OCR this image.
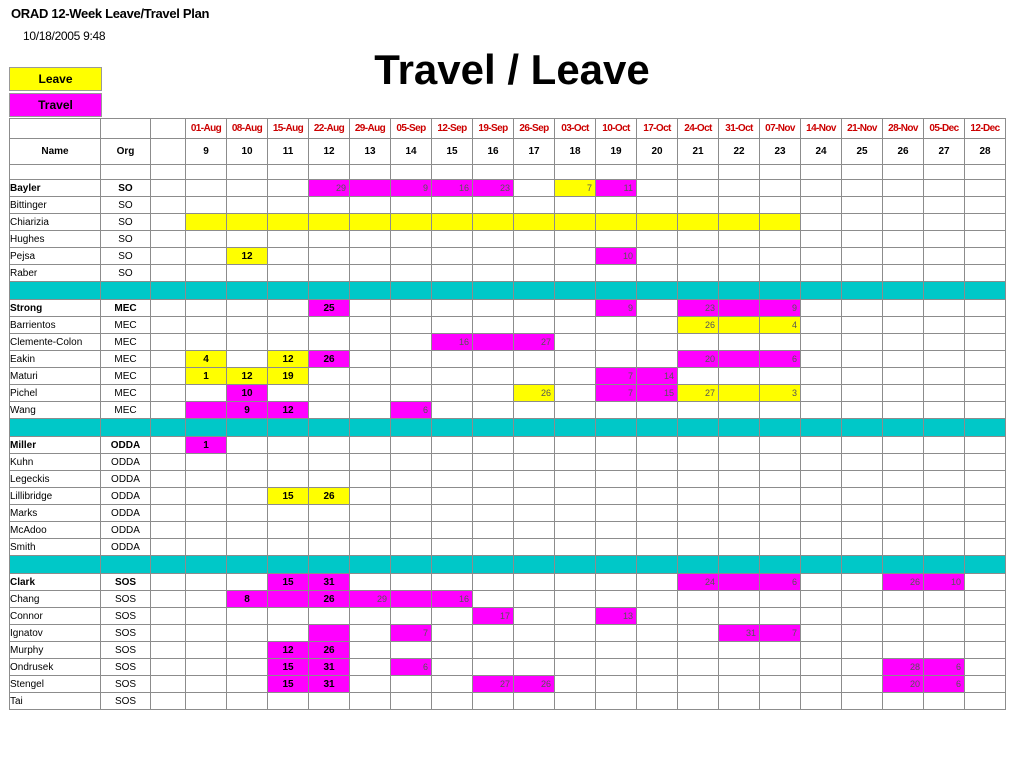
ORAD 12-Week Leave/Travel Plan
10/18/2005 9:48
Travel / Leave
Leave
Travel
			01-Aug	08-Aug	15-Aug	22-Aug	29-Aug	05-Sep	12-Sep	19-Sep	26-Sep	03-Oct	10-Oct	17-Oct	24-Oct	31-Oct	07-Nov	14-Nov	21-Nov	28-Nov	05-Dec	12-Dec
Name	Org		9	10	11	12	13	14	15	16	17	18	19	20	21	22	23	24	25	26	27	28

Bayler	SO					29		9	16	23		7	11									
Bittinger	SO																					
Chiarizia	SO																					
Hughes	SO																					
Pejsa	SO			12									10									
Raber	SO																					

Strong	MEC					25							9		23		9					
Barrientos	MEC														26		4					
Clemente-Colon	MEC								16		27											
Eakin	MEC		4		12	26									20		6					
Maturi	MEC		1	12	19								7	14								
Pichel	MEC			10							26		7	15	27		3					
Wang	MEC			9	12			6														

Miller	ODDA		1																			
Kuhn	ODDA																					
Legeckis	ODDA																					
Lillibridge	ODDA				15	26																
Marks	ODDA																					
McAdoo	ODDA																					
Smith	ODDA																					

Clark	SOS				15	31									24		6			26	10	
Chang	SOS			8		26	29		16													
Connor	SOS									17			13									
Ignatov	SOS							7								31	7					
Murphy	SOS				12	26																
Ondrusek	SOS				15	31		6												28	6	
Stengel	SOS				15	31				27	26									20	6	
Tai	SOS																					
